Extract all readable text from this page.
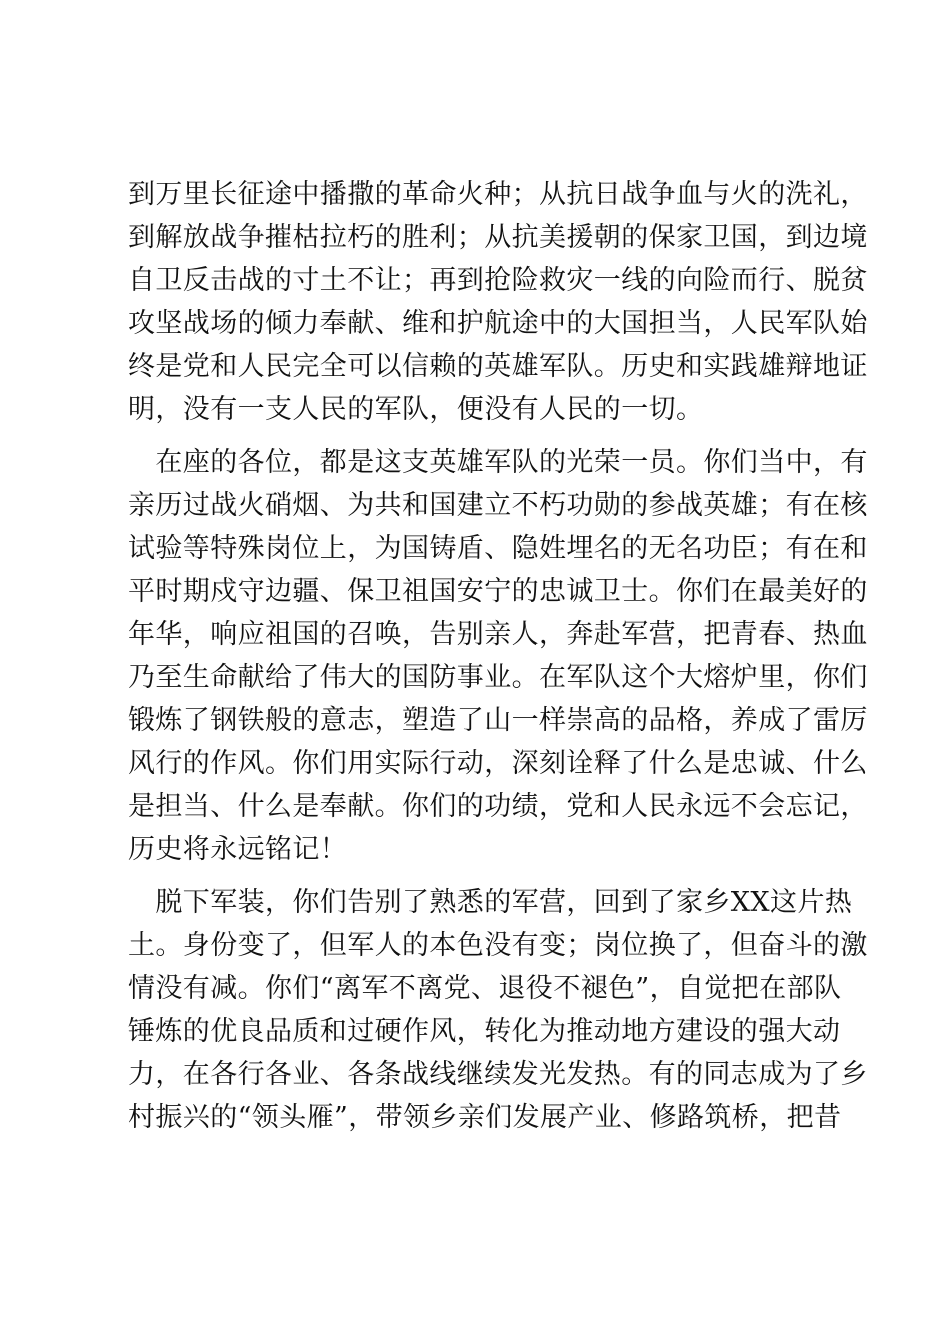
到万里长征途中播撒的革命火种；从抗日战争血与火的洗礼，
到解放战争摧枯拉朽的胜利；从抗美援朝的保家卫国，到边境
自卫反击战的寸土不让；再到抢险救灾一线的向险而行、脱贫
攻坚战场的倾力奉献、维和护航途中的大国担当，人民军队始
终是党和人民完全可以信赖的英雄军队。历史和实践雄辩地证
明，没有一支人民的军队，便没有人民的一切。
　在座的各位，都是这支英雄军队的光荣一员。你们当中，有
亲历过战火硝烟、为共和国建立不朽功勋的参战英雄；有在核
试验等特殊岗位上，为国铸盾、隐姓埋名的无名功臣；有在和
平时期戍守边疆、保卫祖国安宁的忠诚卫士。你们在最美好的
年华，响应祖国的召唤，告别亲人，奔赴军营，把青春、热血
乃至生命献给了伟大的国防事业。在军队这个大熔炉里，你们
锻炼了钢铁般的意志，塑造了山一样崇高的品格，养成了雷厉
风行的作风。你们用实际行动，深刻诠释了什么是忠诚、什么
是担当、什么是奉献。你们的功绩，党和人民永远不会忘记，
历史将永远铭记！
　脱下军装，你们告别了熟悉的军营，回到了家乡XX这片热
土。身份变了，但军人的本色没有变；岗位换了，但奋斗的激
情没有减。你们“离军不离党、退役不褪色”，自觉把在部队
锤炼的优良品质和过硬作风，转化为推动地方建设的强大动
力，在各行各业、各条战线继续发光发热。有的同志成为了乡
村振兴的“领头雁”，带领乡亲们发展产业、修路筑桥，把昔
